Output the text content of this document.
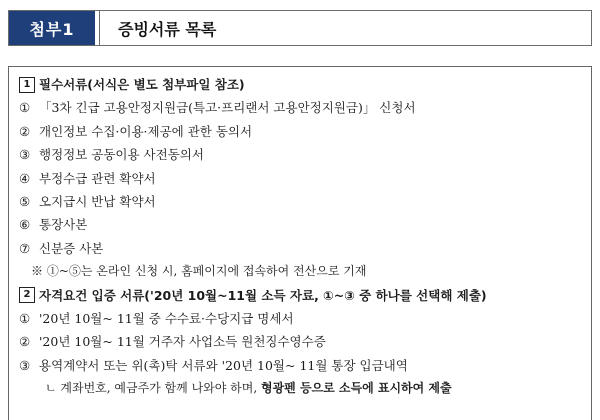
첨부1	증빙서류 목록
1 필수서류(서식은 별도 첨부파일 참조)
① 「3차 긴급 고용안정지원금(특고·프리랜서 고용안정지원금)」 신청서
② 개인정보 수집·이용·제공에 관한 동의서
③ 행정정보 공동이용 사전동의서
④ 부정수급 관련 확약서
⑤ 오지급시 반납 확약서
⑥ 통장사본
⑦ 신분증 사본
※ ①~⑤는 온라인 신청 시, 홈페이지에 접속하여 전산으로 기재
2 자격요건 입증 서류('20년 10월~11월 소득 자료, ①~③ 중 하나를 선택해 제출)
① '20년 10월~ 11월 중 수수료·수당지급 명세서
② '20년 10월~ 11월 거주자 사업소득 원천징수영수증
③ 용역계약서 또는 위(촉)탁 서류와 '20년 10월~ 11월 통장 입금내역
ㄴ 계좌번호, 예금주가 함께 나와야 하며, 형광펜 등으로 소득에 표시하여 제출
